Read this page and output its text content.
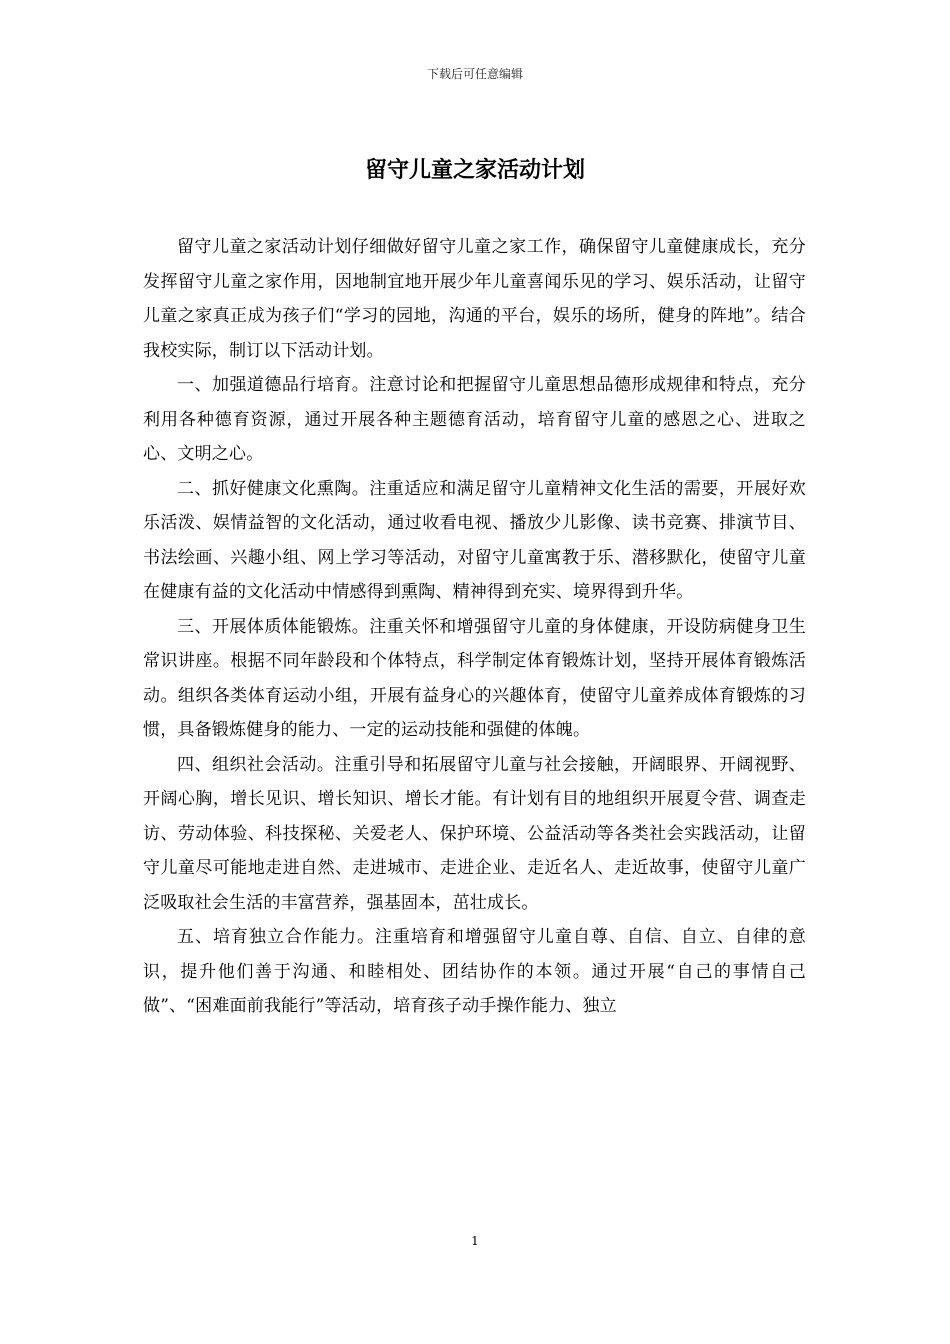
下载后可任意编辑
留守儿童之家活动计划

留守儿童之家活动计划仔细做好留守儿童之家工作，确保留守儿童健康成长，充分发挥留守儿童之家作用，因地制宜地开展少年儿童喜闻乐见的学习、娱乐活动，让留守儿童之家真正成为孩子们“学习的园地，沟通的平台，娱乐的场所，健身的阵地”。结合我校实际，制订以下活动计划。

一、加强道德品行培育。注意讨论和把握留守儿童思想品德形成规律和特点，充分利用各种德育资源，通过开展各种主题德育活动，培育留守儿童的感恩之心、进取之心、文明之心。

二、抓好健康文化熏陶。注重适应和满足留守儿童精神文化生活的需要，开展好欢乐活泼、娱情益智的文化活动，通过收看电视、播放少儿影像、读书竞赛、排演节目、书法绘画、兴趣小组、网上学习等活动，对留守儿童寓教于乐、潜移默化，使留守儿童在健康有益的文化活动中情感得到熏陶、精神得到充实、境界得到升华。

三、开展体质体能锻炼。注重关怀和增强留守儿童的身体健康，开设防病健身卫生常识讲座。根据不同年龄段和个体特点，科学制定体育锻炼计划，坚持开展体育锻炼活动。组织各类体育运动小组，开展有益身心的兴趣体育，使留守儿童养成体育锻炼的习惯，具备锻炼健身的能力、一定的运动技能和强健的体魄。

四、组织社会活动。注重引导和拓展留守儿童与社会接触，开阔眼界、开阔视野、开阔心胸，增长见识、增长知识、增长才能。有计划有目的地组织开展夏令营、调查走访、劳动体验、科技探秘、关爱老人、保护环境、公益活动等各类社会实践活动，让留守儿童尽可能地走进自然、走进城市、走进企业、走近名人、走近故事，使留守儿童广泛吸取社会生活的丰富营养，强基固本，茁壮成长。

五、培育独立合作能力。注重培育和增强留守儿童自尊、自信、自立、自律的意识，提升他们善于沟通、和睦相处、团结协作的本领。通过开展“自己的事情自己做”、“困难面前我能行”等活动，培育孩子动手操作能力、独立

1
